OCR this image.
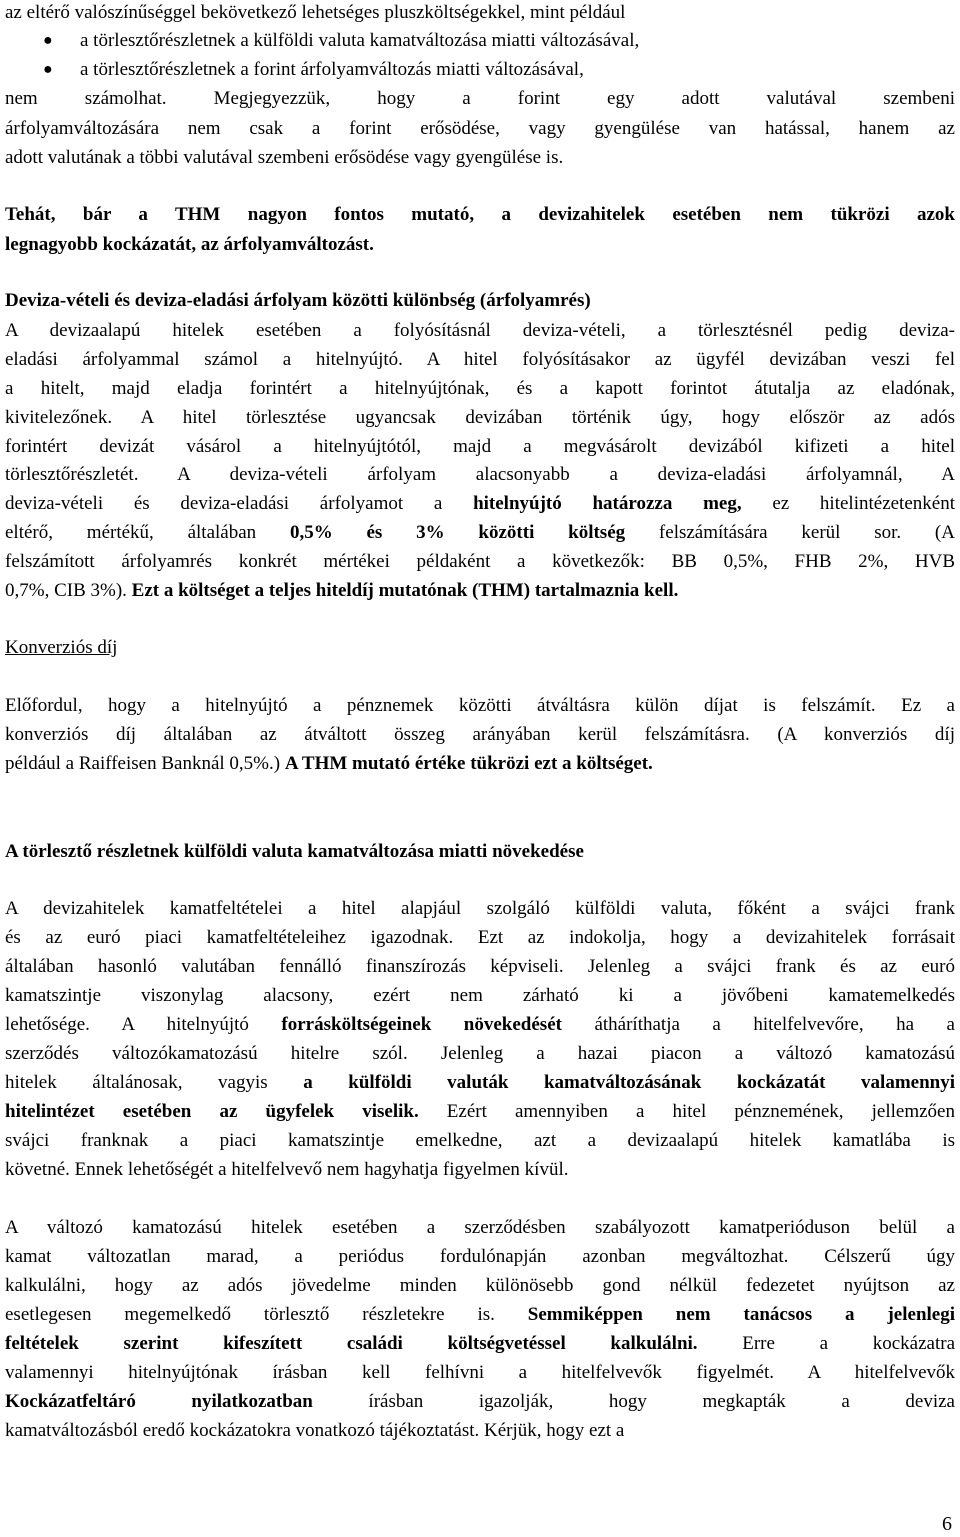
az eltérő valószínűséggel bekövetkező lehetséges pluszköltségekkel, mint például
● a törlesztőrészletnek a külföldi valuta kamatváltozása miatti változásával,
● a törlesztőrészletnek a forint árfolyamváltozás miatti változásával,
nem számolhat. Megjegyezzük, hogy a forint egy adott valutával szembeni
árfolyamváltozására nem csak a forint erősödése, vagy gyengülése van hatással, hanem az
adott valutának a többi valutával szembeni erősödése vagy gyengülése is.
Tehát, bár a THM nagyon fontos mutató, a devizahitelek esetében nem tükrözi azok
legnagyobb kockázatát, az árfolyamváltozást.
Deviza-vételi és deviza-eladási árfolyam közötti különbség (árfolyamrés)
A devizaalapú hitelek esetében a folyósításnál deviza-vételi, a törlesztésnél pedig deviza-
eladási árfolyammal számol a hitelnyújtó. A hitel folyósításakor az ügyfél devizában veszi fel
a hitelt, majd eladja forintért a hitelnyújtónak, és a kapott forintot átutalja az eladónak,
kivitelezőnek. A hitel törlesztése ugyancsak devizában történik úgy, hogy először az adós
forintért devizát vásárol a hitelnyújtótól, majd a megvásárolt devizából kifizeti a hitel
törlesztőrészletét. A deviza-vételi árfolyam alacsonyabb a deviza-eladási árfolyamnál, A
deviza-vételi és deviza-eladási árfolyamot a hitelnyújtó határozza meg, ez hitelintézetenként
eltérő, mértékű, általában 0,5% és 3% közötti költség felszámítására kerül sor. (A
felszámított árfolyamrés konkrét mértékei példaként a következők: BB 0,5%, FHB 2%, HVB
0,7%, CIB 3%). Ezt a költséget a teljes hiteldíj mutatónak (THM) tartalmaznia kell.
Konverziós díj
Előfordul, hogy a hitelnyújtó a pénznemek közötti átváltásra külön díjat is felszámít. Ez a
konverziós díj általában az átváltott összeg arányában kerül felszámításra. (A konverziós díj
például a Raiffeisen Banknál 0,5%.) A THM mutató értéke tükrözi ezt a költséget.
A törlesztő részletnek külföldi valuta kamatváltozása miatti növekedése
A devizahitelek kamatfeltételei a hitel alapjául szolgáló külföldi valuta, főként a svájci frank
és az euró piaci kamatfeltételeihez igazodnak. Ezt az indokolja, hogy a devizahitelek forrásait
általában hasonló valutában fennálló finanszírozás képviseli. Jelenleg a svájci frank és az euró
kamatszintje viszonylag alacsony, ezért nem zárható ki a jövőbeni kamatemelkedés
lehetősége. A hitelnyújtó forrásköltségeinek növekedését átháríthatja a hitelfelvevőre, ha a
szerződés változókamatozású hitelre szól. Jelenleg a hazai piacon a változó kamatozású
hitelek általánosak, vagyis a külföldi valuták kamatváltozásának kockázatát valamennyi
hitelintézet esetében az ügyfelek viselik. Ezért amennyiben a hitel pénznemének, jellemzően
svájci franknak a piaci kamatszintje emelkedne, azt a devizaalapú hitelek kamatlába is
követné. Ennek lehetőségét a hitelfelvevő nem hagyhatja figyelmen kívül.
A változó kamatozású hitelek esetében a szerződésben szabályozott kamatperióduson belül a
kamat változatlan marad, a periódus fordulónapján azonban megváltozhat. Célszerű úgy
kalkulálni, hogy az adós jövedelme minden különösebb gond nélkül fedezetet nyújtson az
esetlegesen megemelkedő törlesztő részletekre is. Semmiképpen nem tanácsos a jelenlegi
feltételek szerint kifeszített családi költségvetéssel kalkulálni. Erre a kockázatra
valamennyi hitelnyújtónak írásban kell felhívni a hitelfelvevők figyelmét. A hitelfelvevők
Kockázatfeltáró nyilatkozatban írásban igazolják, hogy megkapták a deviza
kamatváltozásból eredő kockázatokra vonatkozó tájékoztatást. Kérjük, hogy ezt a
6
